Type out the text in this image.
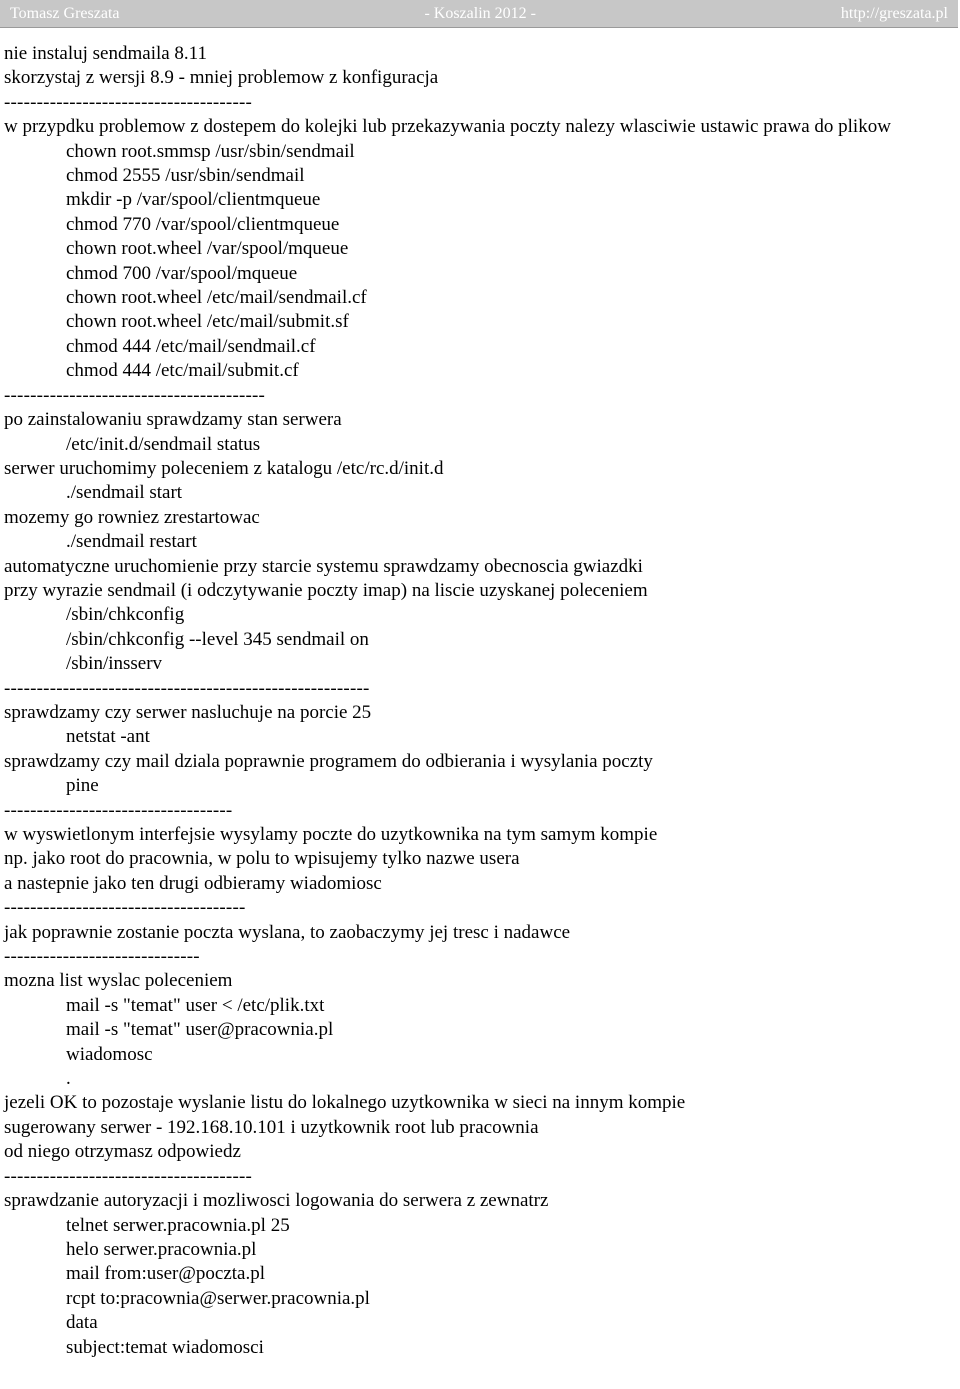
Tomasz Greszata	- Koszalin 2012 -	http://greszata.pl
nie instaluj sendmaila 8.11
skorzystaj z wersji 8.9 - mniej problemow z konfiguracja
--------------------------------------
w przypdku problemow z dostepem do kolejki lub przekazywania poczty nalezy wlasciwie ustawic prawa do plikow
chown root.smmsp /usr/sbin/sendmail
chmod 2555 /usr/sbin/sendmail
mkdir -p /var/spool/clientmqueue
chmod 770 /var/spool/clientmqueue
chown root.wheel /var/spool/mqueue
chmod 700 /var/spool/mqueue
chown root.wheel /etc/mail/sendmail.cf
chown root.wheel /etc/mail/submit.sf
chmod 444 /etc/mail/sendmail.cf
chmod 444 /etc/mail/submit.cf
----------------------------------------
po zainstalowaniu sprawdzamy stan serwera
/etc/init.d/sendmail status
serwer uruchomimy poleceniem z katalogu /etc/rc.d/init.d
./sendmail start
mozemy go rowniez zrestartowac
./sendmail restart
automatyczne uruchomienie przy starcie systemu sprawdzamy obecnoscia gwiazdki
przy wyrazie sendmail (i odczytywanie poczty imap) na liscie uzyskanej poleceniem
/sbin/chkconfig
/sbin/chkconfig --level 345 sendmail on
/sbin/insserv
--------------------------------------------------------
sprawdzamy czy serwer nasluchuje na porcie 25
netstat -ant
sprawdzamy czy mail dziala poprawnie programem do odbierania i wysylania poczty
pine
-----------------------------------
w wyswietlonym interfejsie wysylamy poczte do uzytkownika na tym samym kompie
np. jako root do pracownia, w polu to wpisujemy tylko nazwe usera
a nastepnie jako ten drugi odbieramy wiadomiosc
-------------------------------------
jak poprawnie zostanie poczta wyslana, to zaobaczymy jej tresc i nadawce
------------------------------
mozna list wyslac poleceniem
mail -s "temat" user < /etc/plik.txt
mail -s "temat" user@pracownia.pl
wiadomosc
.
jezeli OK to pozostaje wyslanie listu do lokalnego uzytkownika w sieci na innym kompie
sugerowany serwer - 192.168.10.101 i uzytkownik root lub pracownia
od niego otrzymasz odpowiedz
--------------------------------------
sprawdzanie autoryzacji i mozliwosci logowania do serwera z zewnatrz
telnet serwer.pracownia.pl 25
helo serwer.pracownia.pl
mail from:user@poczta.pl
rcpt to:pracownia@serwer.pracownia.pl
data
subject:temat wiadomosci
